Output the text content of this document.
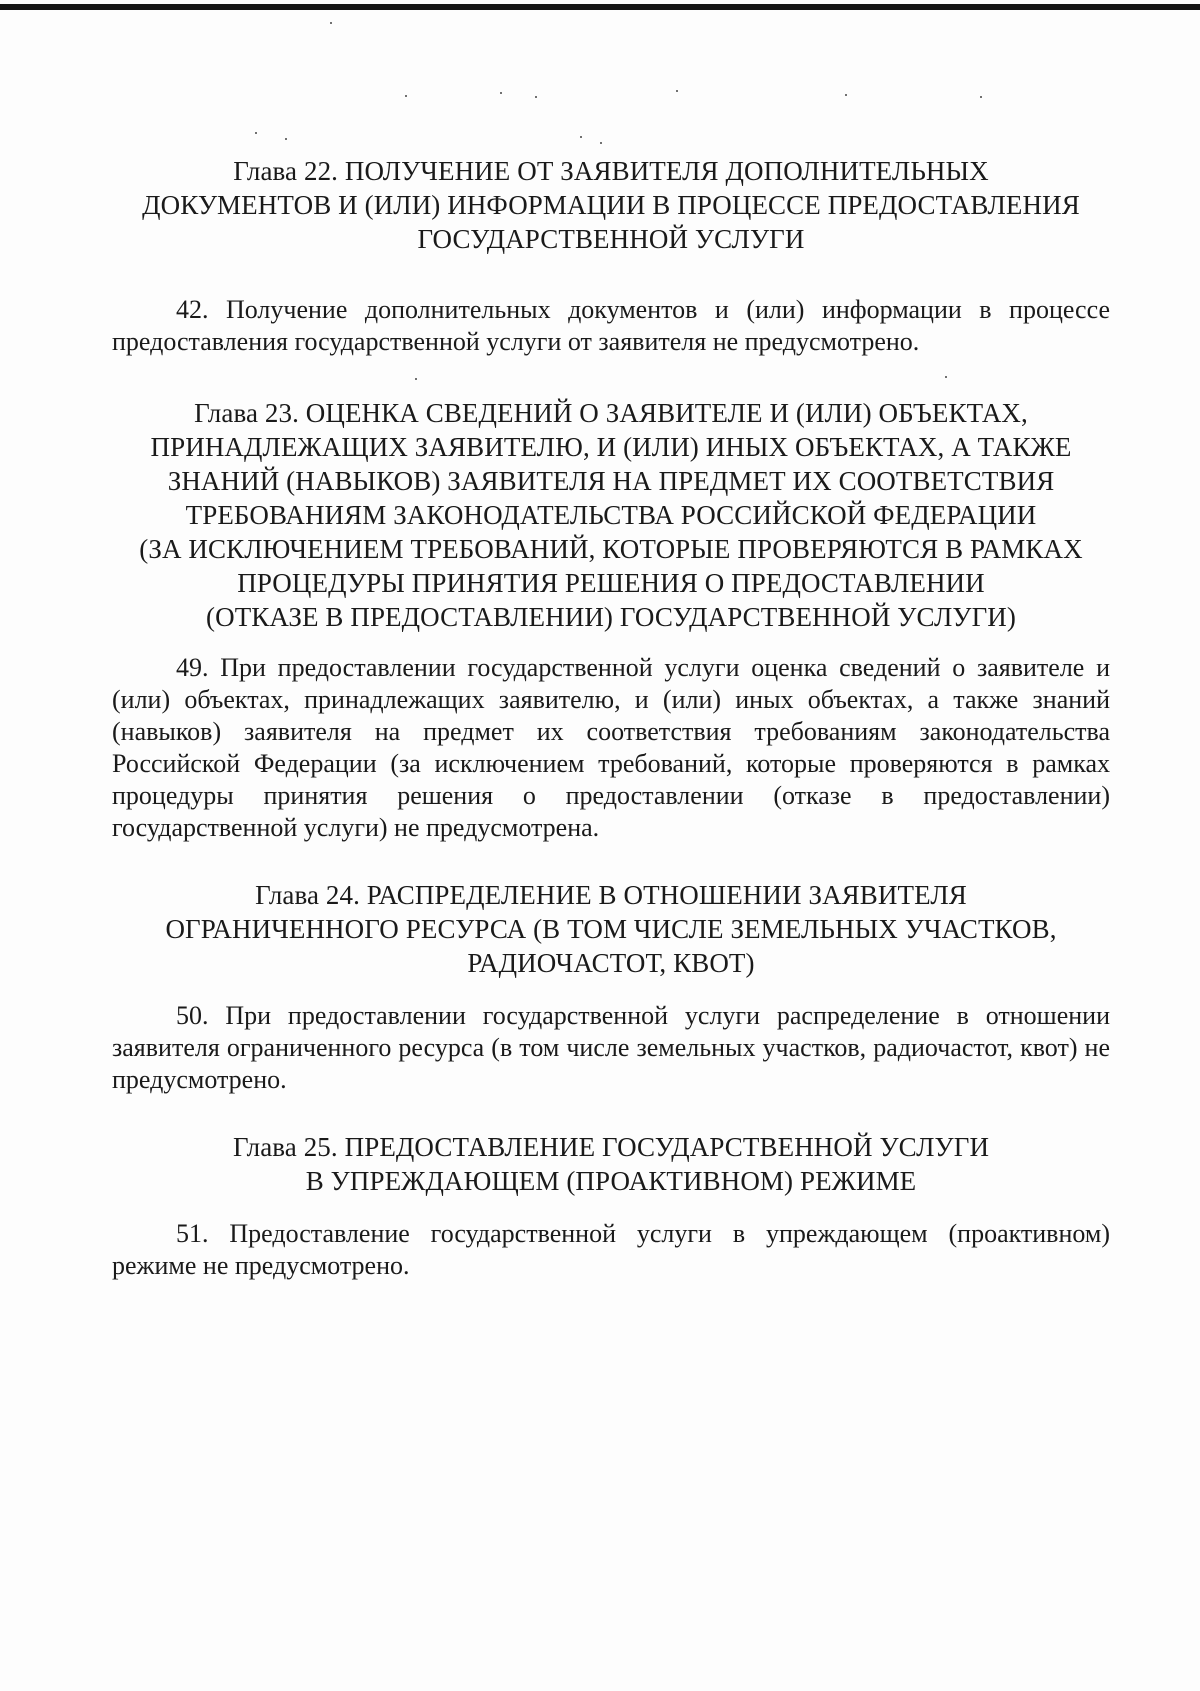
Глава 22. ПОЛУЧЕНИЕ ОТ ЗАЯВИТЕЛЯ ДОПОЛНИТЕЛЬНЫХ
ДОКУМЕНТОВ И (ИЛИ) ИНФОРМАЦИИ В ПРОЦЕССЕ ПРЕДОСТАВЛЕНИЯ
ГОСУДАРСТВЕННОЙ УСЛУГИ

42. Получение дополнительных документов и (или) информации в процессе предоставления государственной услуги от заявителя не предусмотрено.

Глава 23. ОЦЕНКА СВЕДЕНИЙ О ЗАЯВИТЕЛЕ И (ИЛИ) ОБЪЕКТАХ,
ПРИНАДЛЕЖАЩИХ ЗАЯВИТЕЛЮ, И (ИЛИ) ИНЫХ ОБЪЕКТАХ, А ТАКЖЕ
ЗНАНИЙ (НАВЫКОВ) ЗАЯВИТЕЛЯ НА ПРЕДМЕТ ИХ СООТВЕТСТВИЯ
ТРЕБОВАНИЯМ ЗАКОНОДАТЕЛЬСТВА РОССИЙСКОЙ ФЕДЕРАЦИИ
(ЗА ИСКЛЮЧЕНИЕМ ТРЕБОВАНИЙ, КОТОРЫЕ ПРОВЕРЯЮТСЯ В РАМКАХ
ПРОЦЕДУРЫ ПРИНЯТИЯ РЕШЕНИЯ О ПРЕДОСТАВЛЕНИИ
(ОТКАЗЕ В ПРЕДОСТАВЛЕНИИ) ГОСУДАРСТВЕННОЙ УСЛУГИ)

49. При предоставлении государственной услуги оценка сведений о заявителе и (или) объектах, принадлежащих заявителю, и (или) иных объектах, а также знаний (навыков) заявителя на предмет их соответствия требованиям законодательства Российской Федерации (за исключением требований, которые проверяются в рамках процедуры принятия решения о предоставлении (отказе в предоставлении) государственной услуги) не предусмотрена.

Глава 24. РАСПРЕДЕЛЕНИЕ В ОТНОШЕНИИ ЗАЯВИТЕЛЯ
ОГРАНИЧЕННОГО РЕСУРСА (В ТОМ ЧИСЛЕ ЗЕМЕЛЬНЫХ УЧАСТКОВ,
РАДИОЧАСТОТ, КВОТ)

50. При предоставлении государственной услуги распределение в отношении заявителя ограниченного ресурса (в том числе земельных участков, радиочастот, квот) не предусмотрено.

Глава 25. ПРЕДОСТАВЛЕНИЕ ГОСУДАРСТВЕННОЙ УСЛУГИ
В УПРЕЖДАЮЩЕМ (ПРОАКТИВНОМ) РЕЖИМЕ

51. Предоставление государственной услуги в упреждающем (проактивном) режиме не предусмотрено.
